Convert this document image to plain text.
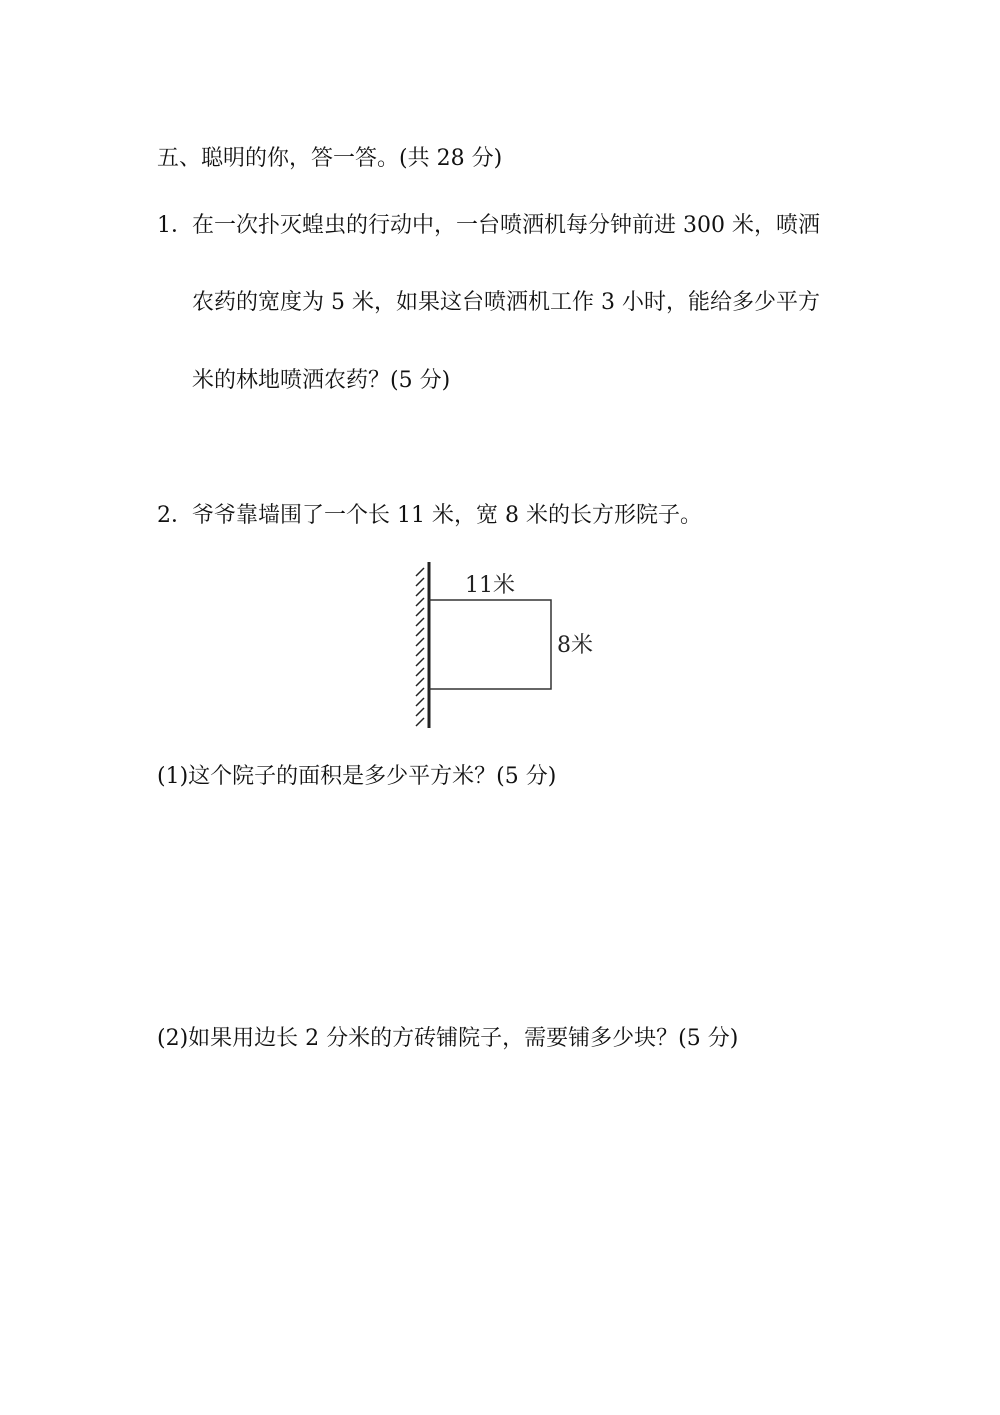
五、聪明的你，答一答。(共 28 分)
1．在一次扑灭蝗虫的行动中，一台喷洒机每分钟前进 300 米，喷洒
农药的宽度为 5 米，如果这台喷洒机工作 3 小时，能给多少平方
米的林地喷洒农药？(5 分)
2．爷爷靠墙围了一个长 11 米，宽 8 米的长方形院子。
11米
8米
(1)这个院子的面积是多少平方米？(5 分)
(2)如果用边长 2 分米的方砖铺院子，需要铺多少块？(5 分)
